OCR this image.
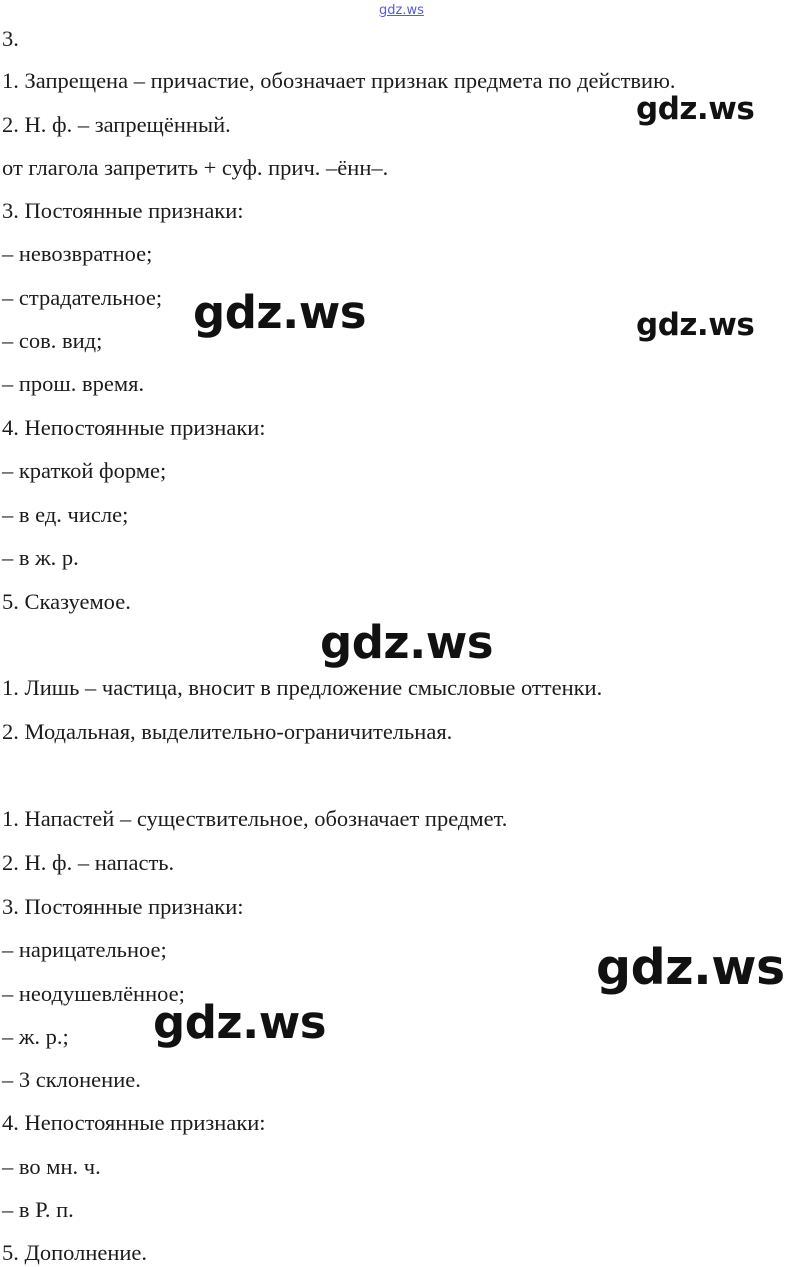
gdz.ws
3.
1. Запрещена – причастие, обозначает признак предмета по действию.
2. Н. ф. – запрещённый.
от глагола запретить + суф. прич. –ённ–.
3. Постоянные признаки:
– невозвратное;
– страдательное;
– сов. вид;
– прош. время.
4. Непостоянные признаки:
– краткой форме;
– в ед. числе;
– в ж. р.
5. Сказуемое.
1. Лишь – частица, вносит в предложение смысловые оттенки.
2. Модальная, выделительно-ограничительная.
1. Напастей – существительное, обозначает предмет.
2. Н. ф. – напасть.
3. Постоянные признаки:
– нарицательное;
– неодушевлённое;
– ж. р.;
– 3 склонение.
4. Непостоянные признаки:
– во мн. ч.
– в Р. п.
5. Дополнение.
gdz.ws
gdz.ws	gdz.ws
gdz.ws
gdz.ws
gdz.ws
